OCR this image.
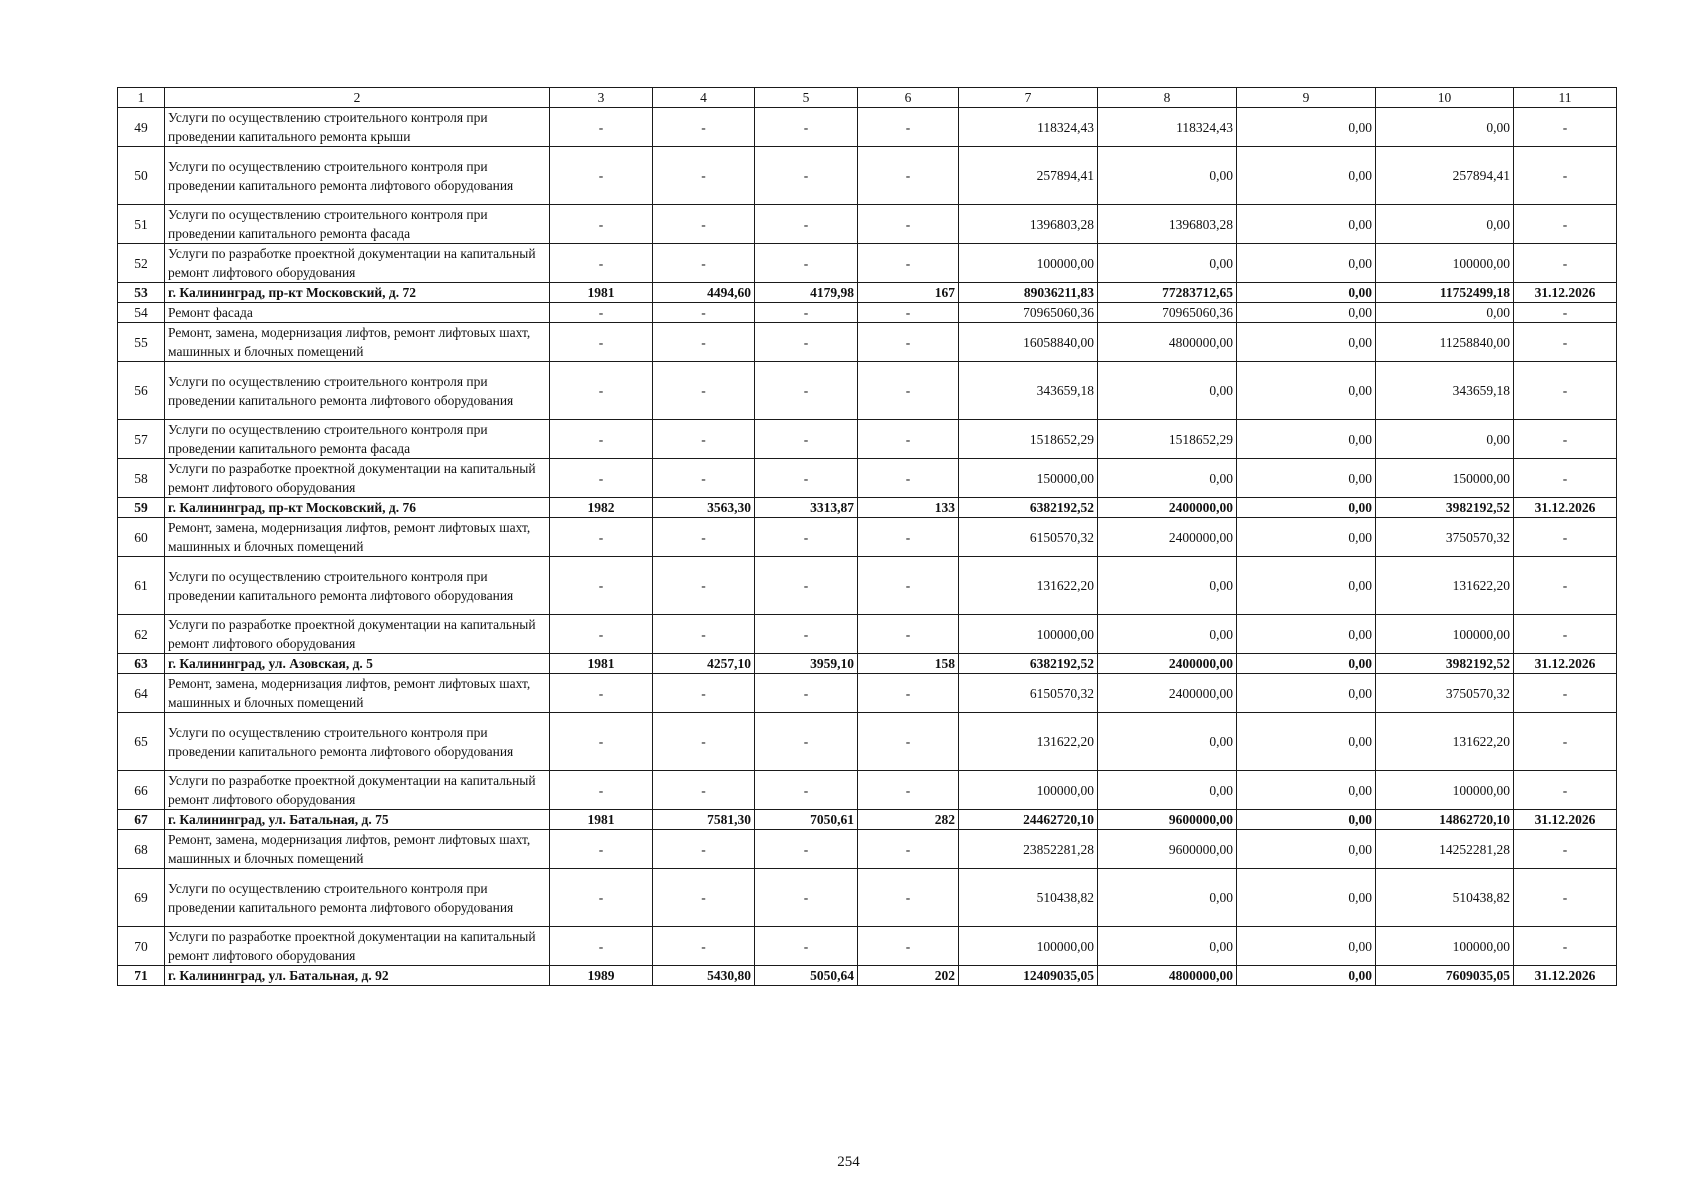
1	2	3	4	5	6	7	8	9	10	11
49	Услуги по осуществлению строительного контроля при проведении капитального ремонта крыши	-	-	-	-	118324,43	118324,43	0,00	0,00	-
50	Услуги по осуществлению строительного контроля при проведении капитального ремонта лифтового оборудования	-	-	-	-	257894,41	0,00	0,00	257894,41	-
51	Услуги по осуществлению строительного контроля при проведении капитального ремонта фасада	-	-	-	-	1396803,28	1396803,28	0,00	0,00	-
52	Услуги по разработке проектной документации на капитальный ремонт лифтового оборудования	-	-	-	-	100000,00	0,00	0,00	100000,00	-
53	г. Калининград, пр-кт Московский, д. 72	1981	4494,60	4179,98	167	89036211,83	77283712,65	0,00	11752499,18	31.12.2026
54	Ремонт фасада	-	-	-	-	70965060,36	70965060,36	0,00	0,00	-
55	Ремонт, замена, модернизация лифтов, ремонт лифтовых шахт, машинных и блочных помещений	-	-	-	-	16058840,00	4800000,00	0,00	11258840,00	-
56	Услуги по осуществлению строительного контроля при проведении капитального ремонта лифтового оборудования	-	-	-	-	343659,18	0,00	0,00	343659,18	-
57	Услуги по осуществлению строительного контроля при проведении капитального ремонта фасада	-	-	-	-	1518652,29	1518652,29	0,00	0,00	-
58	Услуги по разработке проектной документации на капитальный ремонт лифтового оборудования	-	-	-	-	150000,00	0,00	0,00	150000,00	-
59	г. Калининград, пр-кт Московский, д. 76	1982	3563,30	3313,87	133	6382192,52	2400000,00	0,00	3982192,52	31.12.2026
60	Ремонт, замена, модернизация лифтов, ремонт лифтовых шахт, машинных и блочных помещений	-	-	-	-	6150570,32	2400000,00	0,00	3750570,32	-
61	Услуги по осуществлению строительного контроля при проведении капитального ремонта лифтового оборудования	-	-	-	-	131622,20	0,00	0,00	131622,20	-
62	Услуги по разработке проектной документации на капитальный ремонт лифтового оборудования	-	-	-	-	100000,00	0,00	0,00	100000,00	-
63	г. Калининград, ул. Азовская, д. 5	1981	4257,10	3959,10	158	6382192,52	2400000,00	0,00	3982192,52	31.12.2026
64	Ремонт, замена, модернизация лифтов, ремонт лифтовых шахт, машинных и блочных помещений	-	-	-	-	6150570,32	2400000,00	0,00	3750570,32	-
65	Услуги по осуществлению строительного контроля при проведении капитального ремонта лифтового оборудования	-	-	-	-	131622,20	0,00	0,00	131622,20	-
66	Услуги по разработке проектной документации на капитальный ремонт лифтового оборудования	-	-	-	-	100000,00	0,00	0,00	100000,00	-
67	г. Калининград, ул. Батальная, д. 75	1981	7581,30	7050,61	282	24462720,10	9600000,00	0,00	14862720,10	31.12.2026
68	Ремонт, замена, модернизация лифтов, ремонт лифтовых шахт, машинных и блочных помещений	-	-	-	-	23852281,28	9600000,00	0,00	14252281,28	-
69	Услуги по осуществлению строительного контроля при проведении капитального ремонта лифтового оборудования	-	-	-	-	510438,82	0,00	0,00	510438,82	-
70	Услуги по разработке проектной документации на капитальный ремонт лифтового оборудования	-	-	-	-	100000,00	0,00	0,00	100000,00	-
71	г. Калининград, ул. Батальная, д. 92	1989	5430,80	5050,64	202	12409035,05	4800000,00	0,00	7609035,05	31.12.2026
254
